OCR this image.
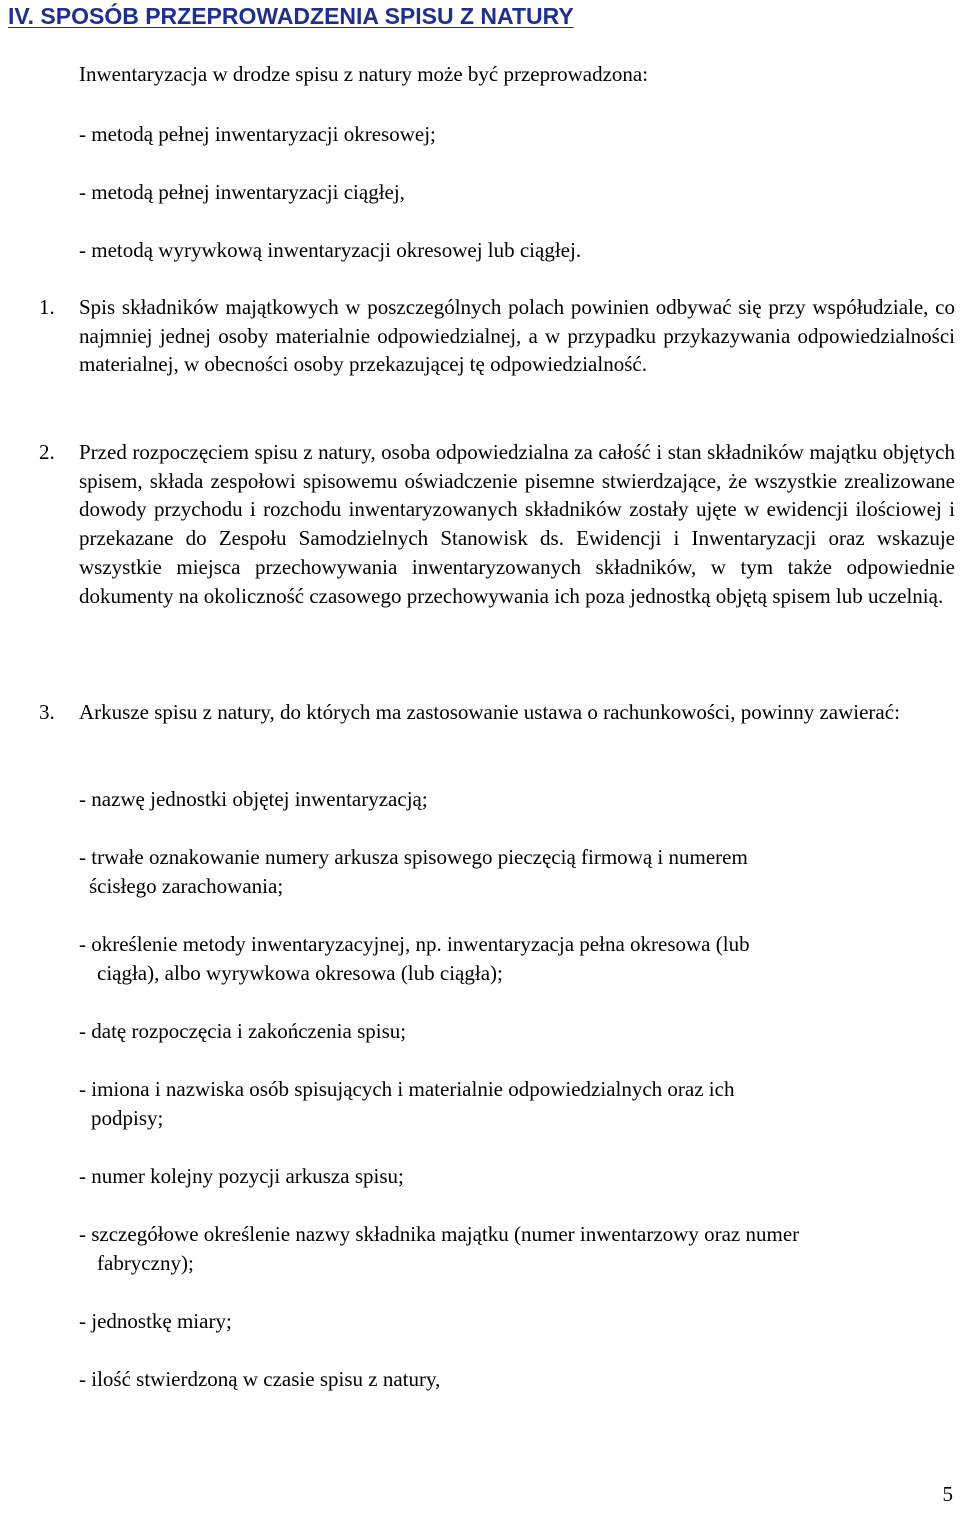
IV. SPOSÓB PRZEPROWADZENIA SPISU Z NATURY

Inwentaryzacja w drodze spisu z natury może być przeprowadzona:

- metodą pełnej inwentaryzacji okresowej;

- metodą pełnej inwentaryzacji ciągłej,

- metodą wyrywkową inwentaryzacji okresowej lub ciągłej.

1. Spis składników majątkowych w poszczególnych polach powinien odbywać się przy współudziale, co najmniej jednej osoby materialnie odpowiedzialnej, a w przypadku przykazywania odpowiedzialności materialnej, w obecności osoby przekazującej tę odpowiedzialność.

2. Przed rozpoczęciem spisu z natury, osoba odpowiedzialna za całość i stan składników majątku objętych spisem, składa zespołowi spisowemu oświadczenie pisemne stwierdzające, że wszystkie zrealizowane dowody przychodu i rozchodu inwentaryzowanych składników zostały ujęte w ewidencji ilościowej i przekazane do Zespołu Samodzielnych Stanowisk ds. Ewidencji i Inwentaryzacji oraz wskazuje wszystkie miejsca przechowywania inwentaryzowanych składników, w tym także odpowiednie dokumenty na okoliczność czasowego przechowywania ich poza jednostką objętą spisem lub uczelnią.

3. Arkusze spisu z natury, do których ma zastosowanie ustawa o rachunkowości, powinny zawierać:

- nazwę jednostki objętej inwentaryzacją;
- trwałe oznakowanie numery arkusza spisowego pieczęcią firmową i numerem
ścisłego zarachowania;
- określenie metody inwentaryzacyjnej, np. inwentaryzacja pełna okresowa (lub
ciągła), albo wyrywkowa okresowa (lub ciągła);
- datę rozpoczęcia i zakończenia spisu;
- imiona i nazwiska osób spisujących i materialnie odpowiedzialnych oraz ich
podpisy;
- numer kolejny pozycji arkusza spisu;
- szczegółowe określenie nazwy składnika majątku (numer inwentarzowy oraz numer
fabryczny);
- jednostkę miary;
- ilość stwierdzoną w czasie spisu z natury,

5
